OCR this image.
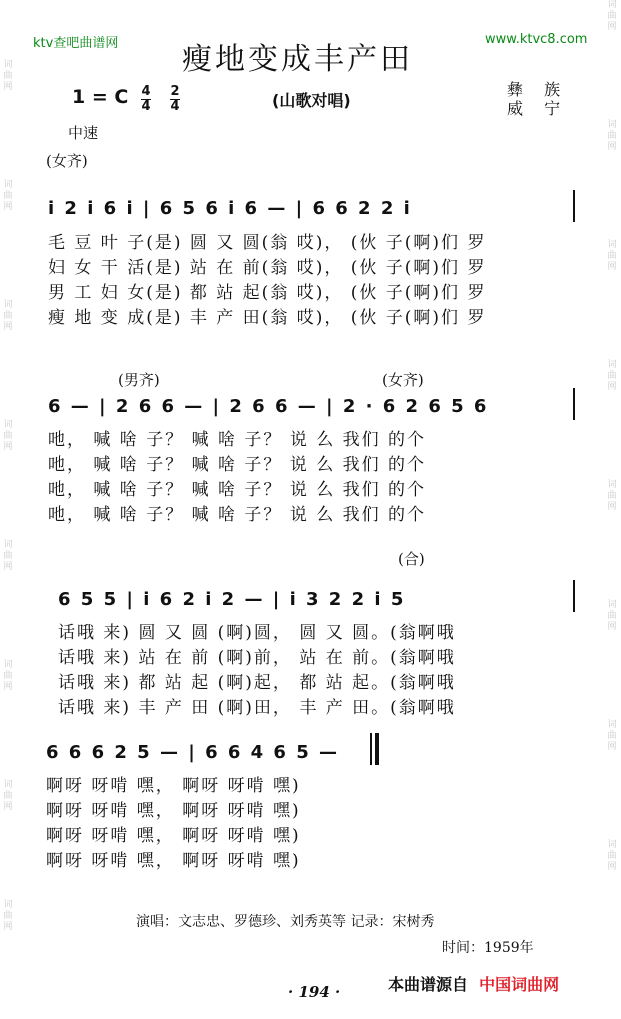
ktv查吧曲谱网	www.ktvc8.com
瘦地变成丰产田
1 = C 4
4
2
4	(山歌对唱)
彝 族
威 宁
中速
(女齐)
i 2 i 6 i | 6 5 6 i 6 — | 6 6 2 2 i
毛 豆 叶 子(是) 圆 又 圆(翁 哎)， (伙 子(啊)们 罗
妇 女 干 活(是) 站 在 前(翁 哎)， (伙 子(啊)们 罗
男 工 妇 女(是) 都 站 起(翁 哎)， (伙 子(啊)们 罗
瘦 地 变 成(是) 丰 产 田(翁 哎)， (伙 子(啊)们 罗
(男齐)	(女齐)
6 — | 2 6 6 — | 2 6 6 — | 2 · 6 2 6 5 6
吔， 喊 啥 子？ 喊 啥 子？ 说 么 我们 的个
吔， 喊 啥 子？ 喊 啥 子？ 说 么 我们 的个
吔， 喊 啥 子？ 喊 啥 子？ 说 么 我们 的个
吔， 喊 啥 子？ 喊 啥 子？ 说 么 我们 的个
(合)
6 5 5 | i 6 2 i 2 — | i 3 2 2 i 5
话哦 来) 圆 又 圆 (啊)圆， 圆 又 圆。(翁啊哦
话哦 来) 站 在 前 (啊)前， 站 在 前。(翁啊哦
话哦 来) 都 站 起 (啊)起， 都 站 起。(翁啊哦
话哦 来) 丰 产 田 (啊)田， 丰 产 田。(翁啊哦
6 6 6 2 5 — | 6 6 4 6 5 —
啊呀 呀啃 嘿， 啊呀 呀啃 嘿)
啊呀 呀啃 嘿， 啊呀 呀啃 嘿)
啊呀 呀啃 嘿， 啊呀 呀啃 嘿)
啊呀 呀啃 嘿， 啊呀 呀啃 嘿)
演唱：文志忠、罗德珍、刘秀英等 记录：宋树秀
时间：1959年
· 194 ·	本曲谱源自 中国词曲网
词曲网
词曲网
词曲网
词曲网
词曲网
词曲网
词曲网
词曲网
词曲网
词曲网
词曲网
词曲网
词曲网
词曲网
词曲网
词曲网
